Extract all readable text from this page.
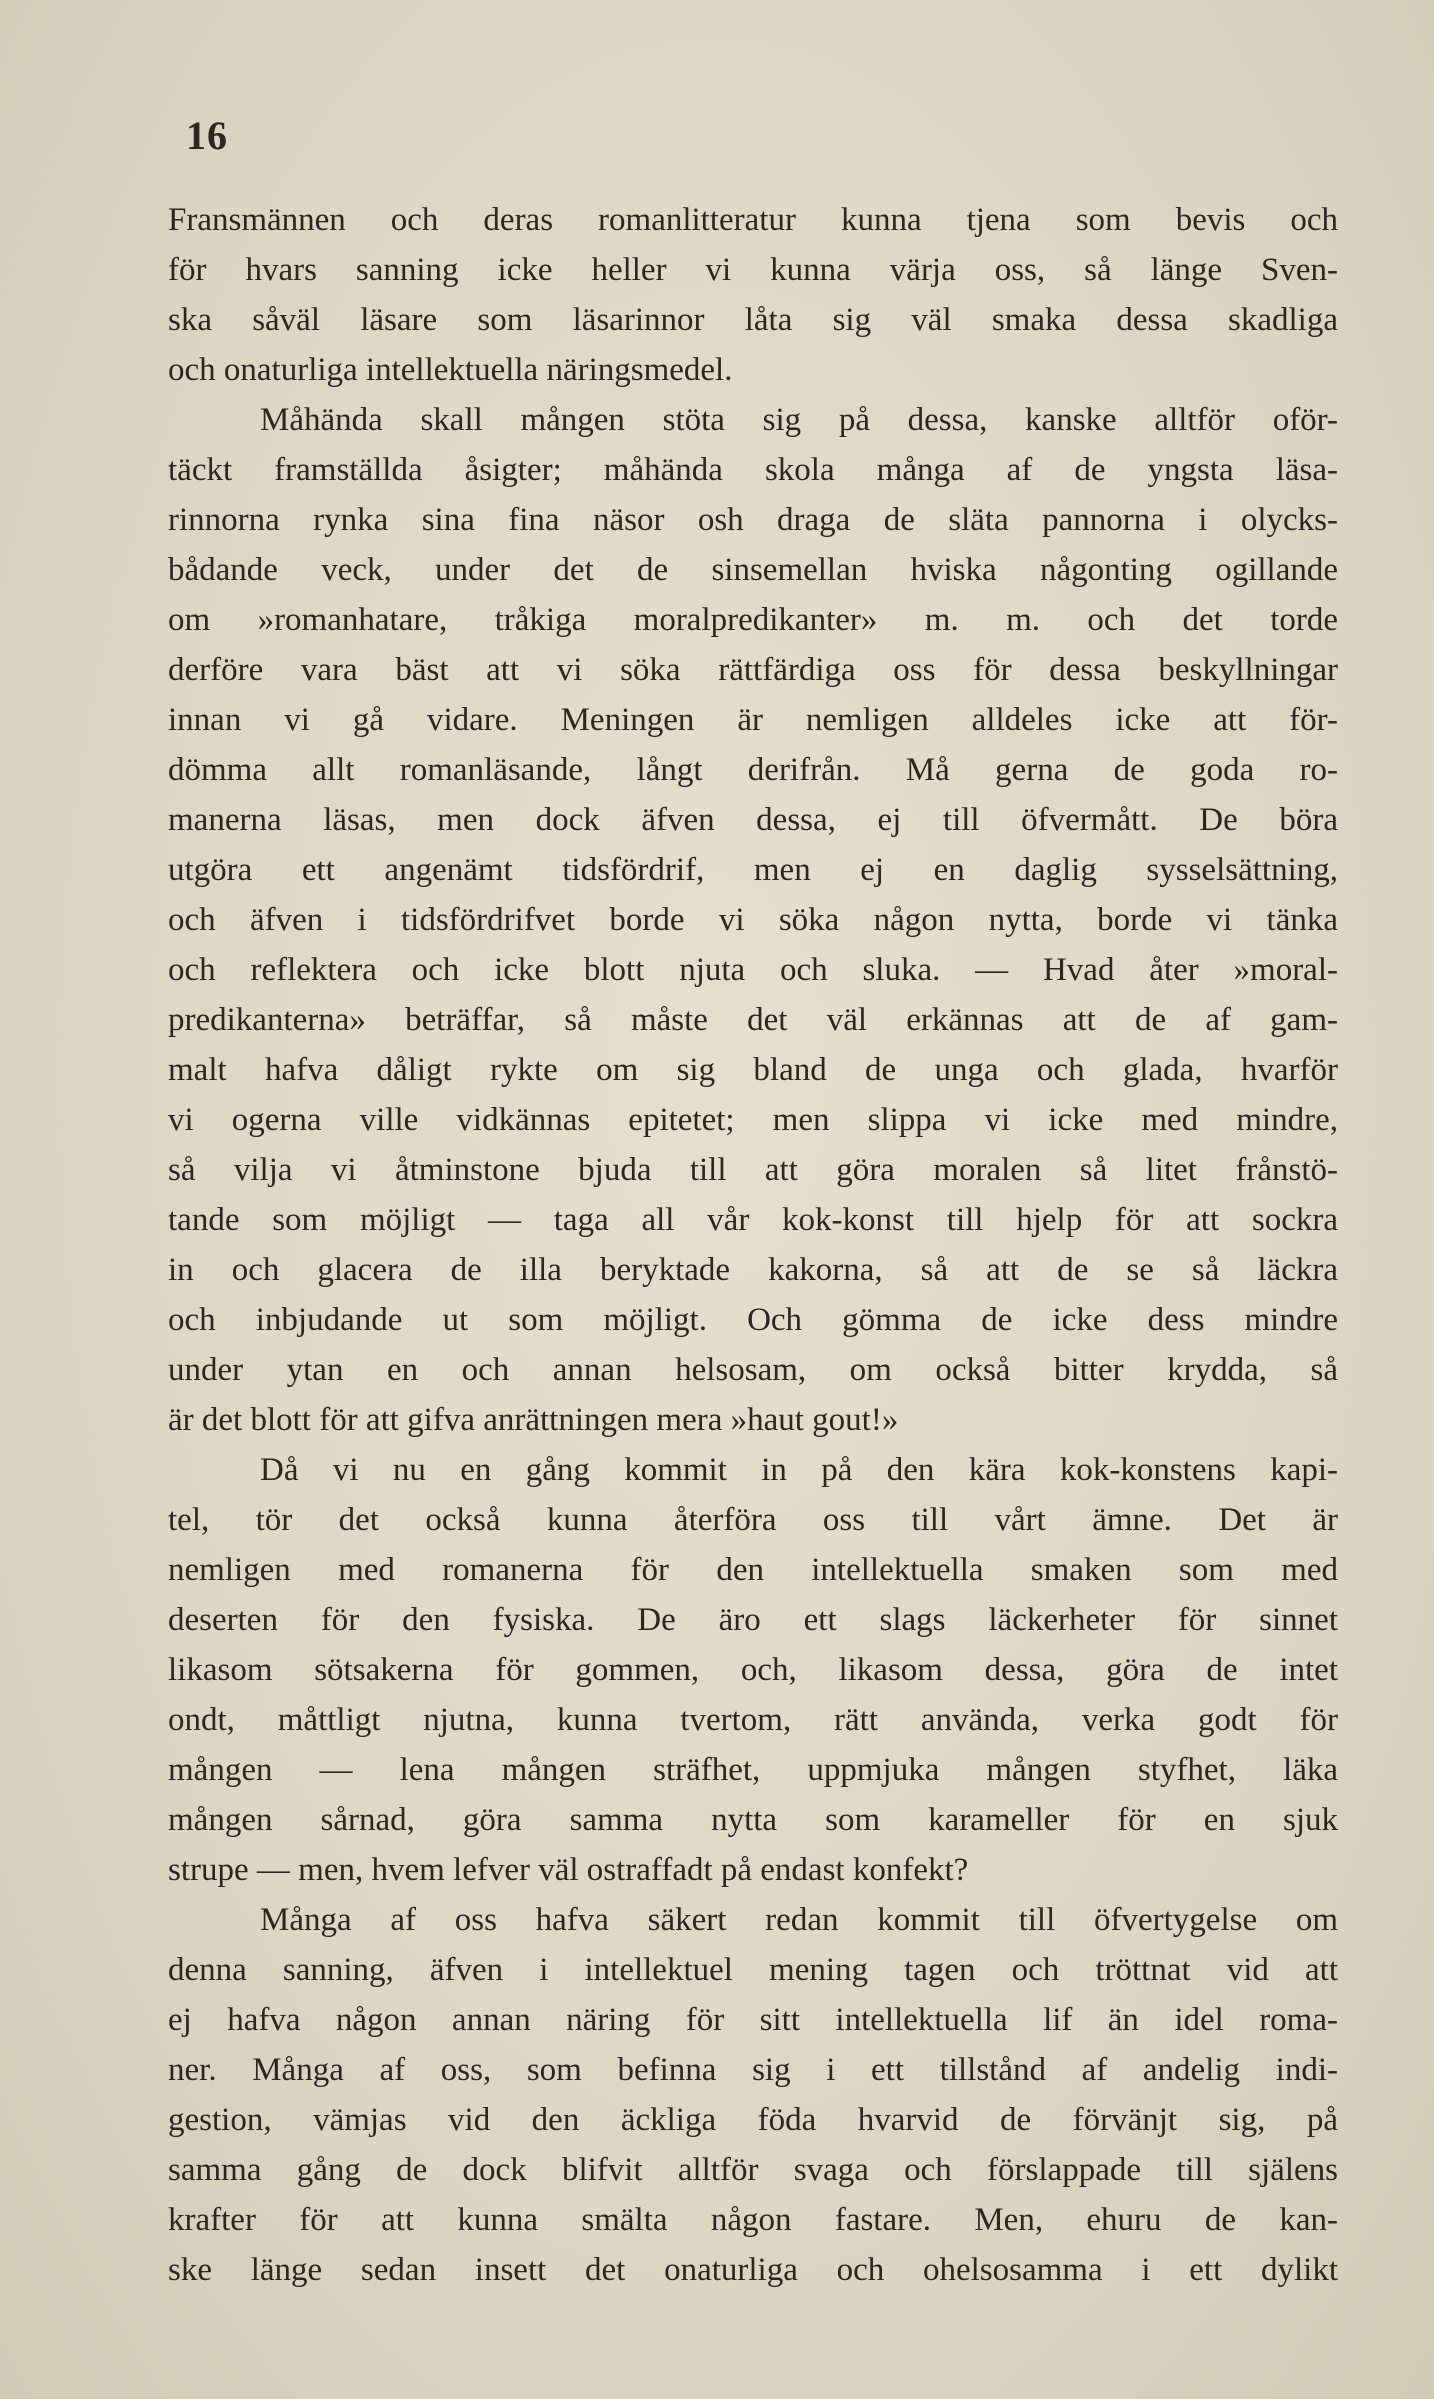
16
Fransmännen och deras romanlitteratur kunna tjena som bevis och
för hvars sanning icke heller vi kunna värja oss, så länge Sven-
ska såväl läsare som läsarinnor låta sig väl smaka dessa skadliga
och onaturliga intellektuella näringsmedel.
Måhända skall mången stöta sig på dessa, kanske alltför oför-
täckt framställda åsigter; måhända skola många af de yngsta läsa-
rinnorna rynka sina fina näsor osh draga de släta pannorna i olycks-
bådande veck, under det de sinsemellan hviska någonting ogillande
om »romanhatare, tråkiga moralpredikanter» m. m. och det torde
derföre vara bäst att vi söka rättfärdiga oss för dessa beskyllningar
innan vi gå vidare. Meningen är nemligen alldeles icke att för-
dömma allt romanläsande, långt derifrån. Må gerna de goda ro-
manerna läsas, men dock äfven dessa, ej till öfvermått. De böra
utgöra ett angenämt tidsfördrif, men ej en daglig sysselsättning,
och äfven i tidsfördrifvet borde vi söka någon nytta, borde vi tänka
och reflektera och icke blott njuta och sluka. — Hvad åter »moral-
predikanterna» beträffar, så måste det väl erkännas att de af gam-
malt hafva dåligt rykte om sig bland de unga och glada, hvarför
vi ogerna ville vidkännas epitetet; men slippa vi icke med mindre,
så vilja vi åtminstone bjuda till att göra moralen så litet frånstö-
tande som möjligt — taga all vår kok-konst till hjelp för att sockra
in och glacera de illa beryktade kakorna, så att de se så läckra
och inbjudande ut som möjligt. Och gömma de icke dess mindre
under ytan en och annan helsosam, om också bitter krydda, så
är det blott för att gifva anrättningen mera »haut gout!»
Då vi nu en gång kommit in på den kära kok-konstens kapi-
tel, tör det också kunna återföra oss till vårt ämne. Det är
nemligen med romanerna för den intellektuella smaken som med
deserten för den fysiska. De äro ett slags läckerheter för sinnet
likasom sötsakerna för gommen, och, likasom dessa, göra de intet
ondt, måttligt njutna, kunna tvertom, rätt använda, verka godt för
mången — lena mången sträfhet, uppmjuka mången styfhet, läka
mången sårnad, göra samma nytta som karameller för en sjuk
strupe — men, hvem lefver väl ostraffadt på endast konfekt?
Många af oss hafva säkert redan kommit till öfvertygelse om
denna sanning, äfven i intellektuel mening tagen och tröttnat vid att
ej hafva någon annan näring för sitt intellektuella lif än idel roma-
ner. Många af oss, som befinna sig i ett tillstånd af andelig indi-
gestion, vämjas vid den äckliga föda hvarvid de förvänjt sig, på
samma gång de dock blifvit alltför svaga och förslappade till själens
krafter för att kunna smälta någon fastare. Men, ehuru de kan-
ske länge sedan insett det onaturliga och ohelsosamma i ett dylikt
